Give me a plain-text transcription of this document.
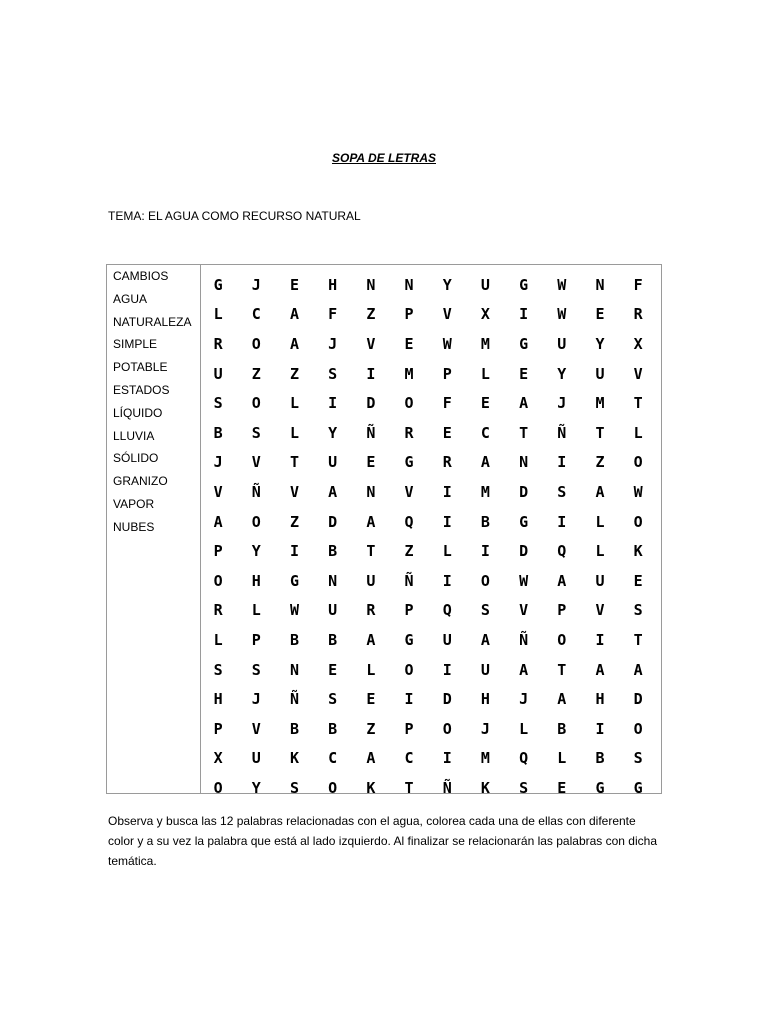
SOPA DE LETRAS
TEMA: EL AGUA COMO RECURSO NATURAL
CAMBIOS
AGUA
NATURALEZA
SIMPLE
POTABLE
ESTADOS
LÍQUIDO
LLUVIA
SÓLIDO
GRANIZO
VAPOR
NUBES
G	J	E	H	N	N	Y	U	G	W	N	F
L	C	A	F	Z	P	V	X	I	W	E	R
R	O	A	J	V	E	W	M	G	U	Y	X
U	Z	Z	S	I	M	P	L	E	Y	U	V
S	O	L	I	D	O	F	E	A	J	M	T
B	S	L	Y	Ñ	R	E	C	T	Ñ	T	L
J	V	T	U	E	G	R	A	N	I	Z	O
V	Ñ	V	A	N	V	I	M	D	S	A	W
A	O	Z	D	A	Q	I	B	G	I	L	O
P	Y	I	B	T	Z	L	I	D	Q	L	K
O	H	G	N	U	Ñ	I	O	W	A	U	E
R	L	W	U	R	P	Q	S	V	P	V	S
L	P	B	B	A	G	U	A	Ñ	O	I	T
S	S	N	E	L	O	I	U	A	T	A	A
H	J	Ñ	S	E	I	D	H	J	A	H	D
P	V	B	B	Z	P	O	J	L	B	I	O
X	U	K	C	A	C	I	M	Q	L	B	S
O	Y	S	O	K	T	Ñ	K	S	E	G	G
Observa y busca las 12 palabras relacionadas con el agua, colorea cada una de ellas con diferente color y a su vez la palabra que está al lado izquierdo. Al finalizar se relacionarán las palabras con dicha temática.
